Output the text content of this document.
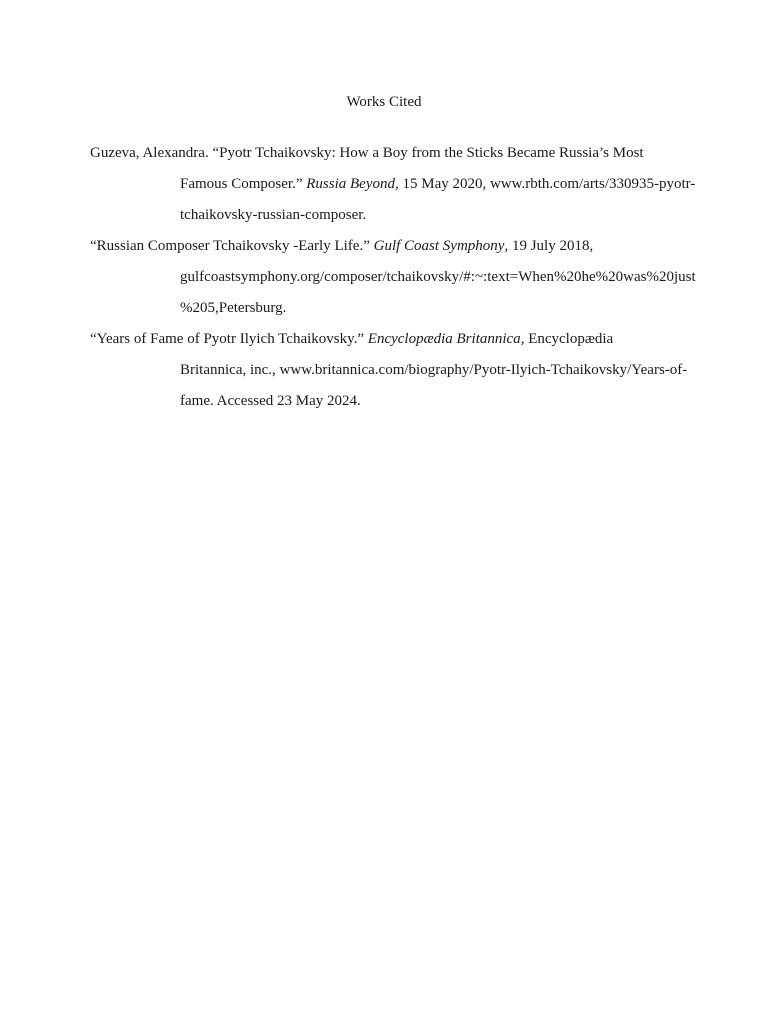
Works Cited

Guzeva, Alexandra. “Pyotr Tchaikovsky: How a Boy from the Sticks Became Russia’s Most
Famous Composer.” Russia Beyond, 15 May 2020, www.rbth.com/arts/330935-pyotr-
tchaikovsky-russian-composer.

“Russian Composer Tchaikovsky -Early Life.” Gulf Coast Symphony, 19 July 2018,
gulfcoastsymphony.org/composer/tchaikovsky/#:~:text=When%20he%20was%20just
%205,Petersburg.

“Years of Fame of Pyotr Ilyich Tchaikovsky.” Encyclopædia Britannica, Encyclopædia
Britannica, inc., www.britannica.com/biography/Pyotr-Ilyich-Tchaikovsky/Years-of-
fame. Accessed 23 May 2024.
